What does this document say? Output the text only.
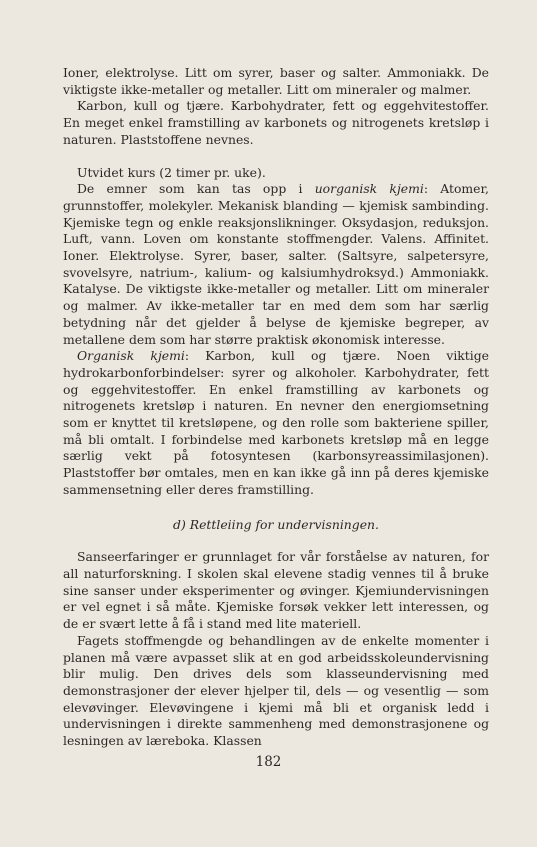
Ioner, elektrolyse. Litt om syrer, baser og salter. Ammoniakk. De viktigste ikke-metaller og metaller. Litt om mineraler og malmer.

Karbon, kull og tjære. Karbohydrater, fett og eggehvitestoffer. En meget enkel framstilling av karbonets og nitrogenets kretsløp i naturen. Plaststoffene nevnes.

Utvidet kurs (2 timer pr. uke).

De emner som kan tas opp i uorganisk kjemi: Atomer, grunnstoffer, molekyler. Mekanisk blanding — kjemisk sambinding. Kjemiske tegn og enkle reaksjonslikninger. Oksydasjon, reduksjon. Luft, vann. Loven om konstante stoffmengder. Valens. Affinitet. Ioner. Elektrolyse. Syrer, baser, salter. (Saltsyre, salpetersyre, svovelsyre, natrium-, kalium- og kalsiumhydroksyd.) Ammoniakk. Katalyse. De viktigste ikke-metaller og metaller. Litt om mineraler og malmer. Av ikke-metaller tar en med dem som har særlig betydning når det gjelder å belyse de kjemiske begreper, av metallene dem som har større praktisk økonomisk interesse.

Organisk kjemi: Karbon, kull og tjære. Noen viktige hydrokarbonforbindelser: syrer og alkoholer. Karbohydrater, fett og eggehvitestoffer. En enkel framstilling av karbonets og nitrogenets kretsløp i naturen. En nevner den energiomsetning som er knyttet til kretsløpene, og den rolle som bakteriene spiller, må bli omtalt. I forbindelse med karbonets kretsløp må en legge særlig vekt på fotosyntesen (karbonsyreassimilasjonen). Plaststoffer bør omtales, men en kan ikke gå inn på deres kjemiske sammensetning eller deres framstilling.

d) Rettleiing for undervisningen.

Sanseerfaringer er grunnlaget for vår forståelse av naturen, for all naturforskning. I skolen skal elevene stadig vennes til å bruke sine sanser under eksperimenter og øvinger. Kjemiundervisningen er vel egnet i så måte. Kjemiske forsøk vekker lett interessen, og de er svært lette å få i stand med lite materiell.

Fagets stoffmengde og behandlingen av de enkelte momenter i planen må være avpasset slik at en god arbeidsskoleundervisning blir mulig. Den drives dels som klasseundervisning med demonstrasjoner der elever hjelper til, dels — og vesentlig — som elevøvinger. Elevøvingene i kjemi må bli et organisk ledd i undervisningen i direkte sammenheng med demonstrasjonene og lesningen av læreboka. Klassen

182
